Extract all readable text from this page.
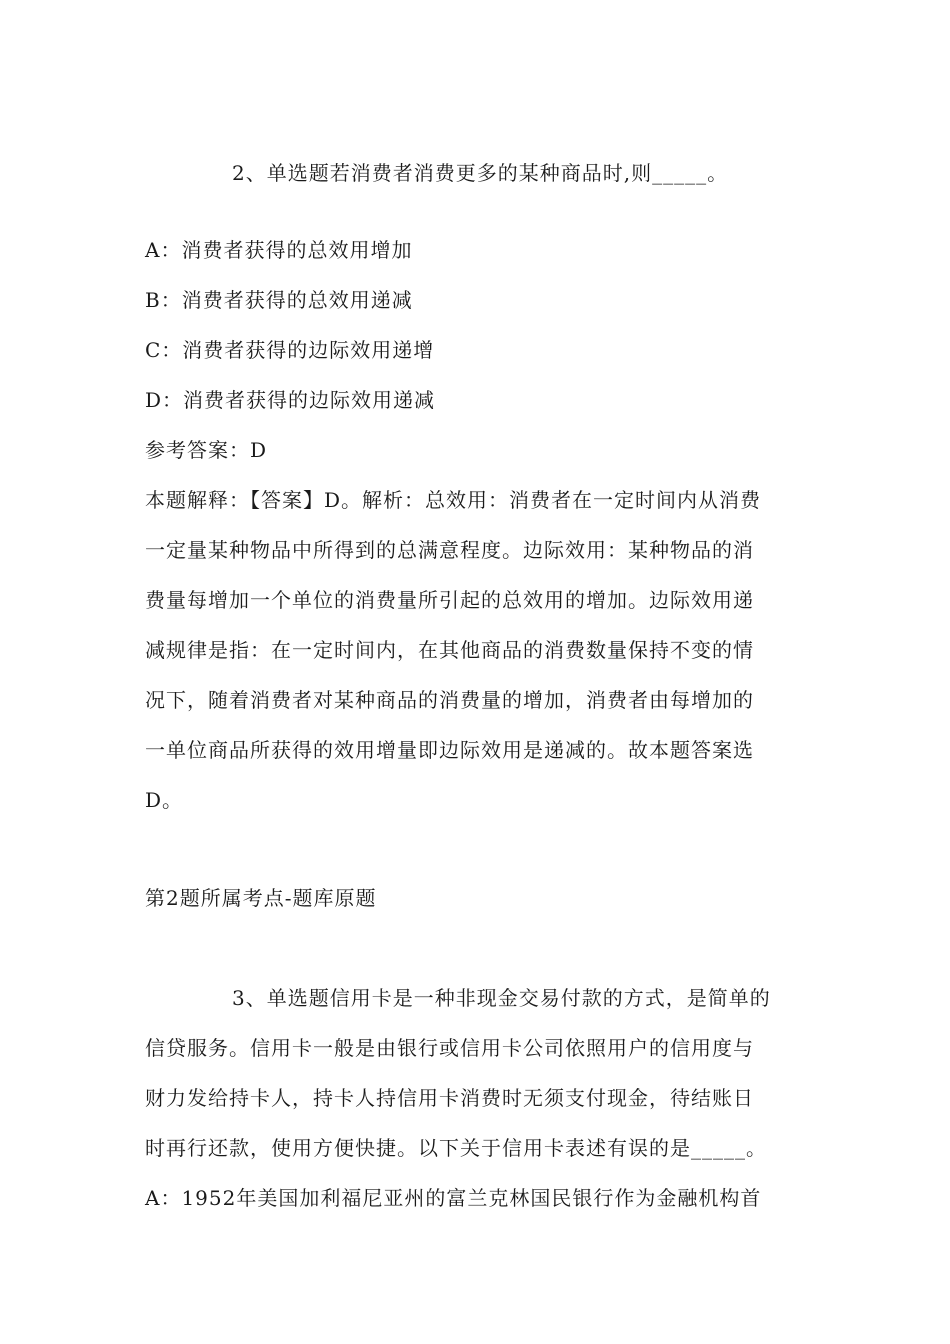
2、单选题若消费者消费更多的某种商品时,则_____。
A：消费者获得的总效用增加
B：消费者获得的总效用递减
C：消费者获得的边际效用递增
D：消费者获得的边际效用递减
参考答案：D
本题解释：【答案】D。解析：总效用：消费者在一定时间内从消费
一定量某种物品中所得到的总满意程度。边际效用：某种物品的消
费量每增加一个单位的消费量所引起的总效用的增加。边际效用递
减规律是指：在一定时间内，在其他商品的消费数量保持不变的情
况下，随着消费者对某种商品的消费量的增加，消费者由每增加的
一单位商品所获得的效用增量即边际效用是递减的。故本题答案选
D。
第2题所属考点-题库原题
3、单选题信用卡是一种非现金交易付款的方式，是简单的
信贷服务。信用卡一般是由银行或信用卡公司依照用户的信用度与
财力发给持卡人，持卡人持信用卡消费时无须支付现金，待结账日
时再行还款，使用方便快捷。以下关于信用卡表述有误的是_____。
A：1952年美国加利福尼亚州的富兰克林国民银行作为金融机构首
